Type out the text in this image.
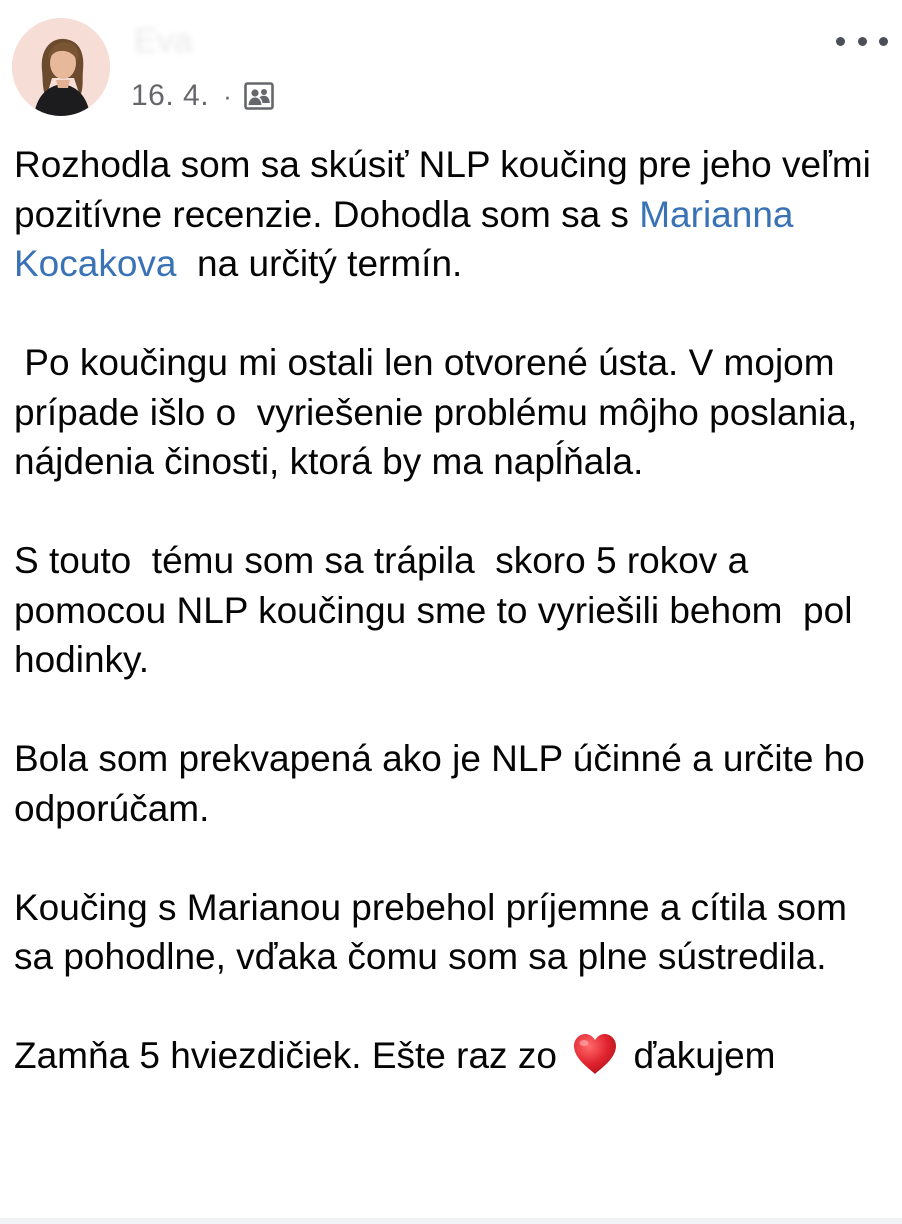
Eva
16. 4. ·

Rozhodla som sa skúsiť NLP koučing pre jeho veľmi pozitívne recenzie. Dohodla som sa s Marianna Kocakova  na určitý termín.

Po koučingu mi ostali len otvorené ústa. V mojom prípade išlo o  vyriešenie problému môjho poslania, nájdenia činosti, ktorá by ma napĺňala.

S touto  tému som sa trápila  skoro 5 rokov a pomocou NLP koučingu sme to vyriešili behom  pol hodinky.

Bola som prekvapená ako je NLP účinné a určite ho odporúčam.

Koučing s Marianou prebehol príjemne a cítila som sa pohodlne, vďaka čomu som sa plne sústredila.

Zamňa 5 hviezdičiek. Ešte raz zo  ďakujem
